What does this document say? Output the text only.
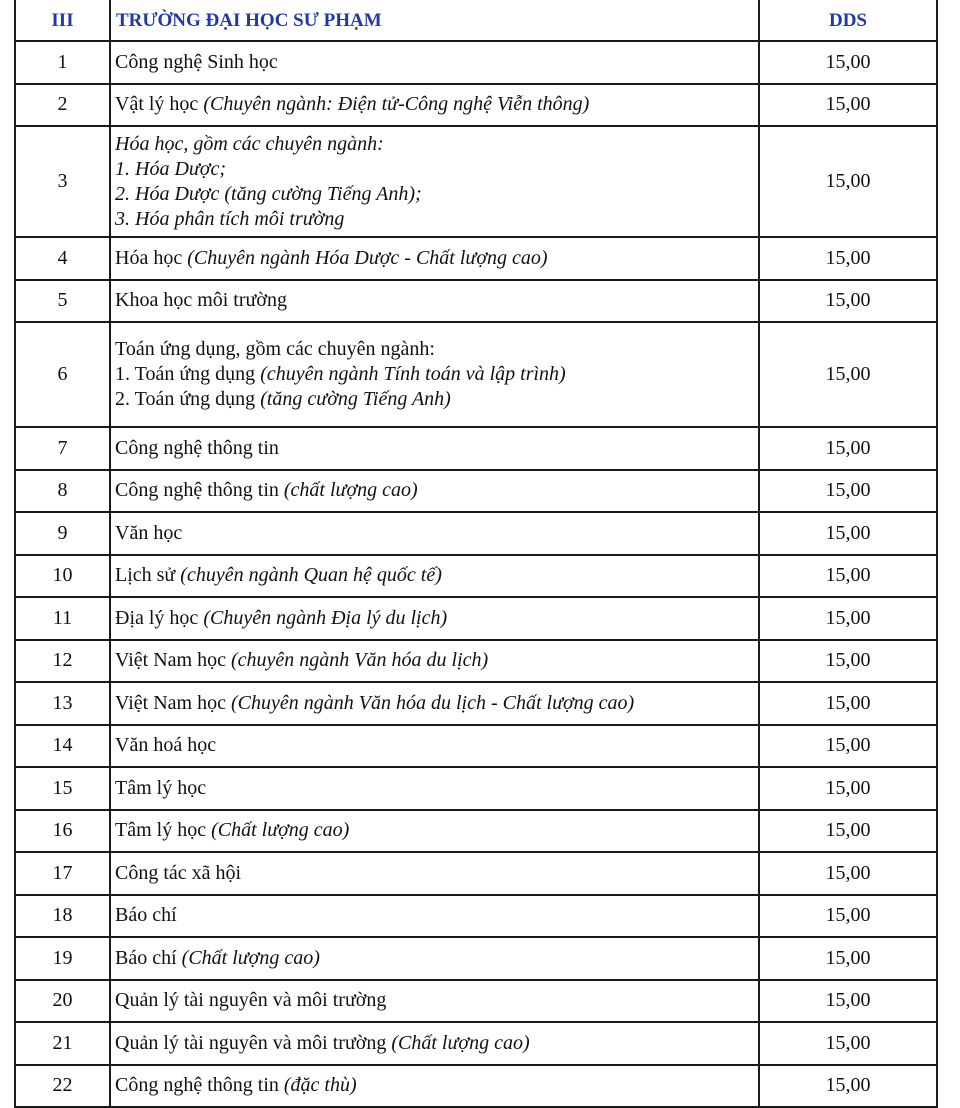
III	TRƯỜNG ĐẠI HỌC SƯ PHẠM	DDS
1	Công nghệ Sinh học	15,00
2	Vật lý học (Chuyên ngành: Điện tử-Công nghệ Viễn thông)	15,00
3	Hóa học, gồm các chuyên ngành:
1. Hóa Dược;
2. Hóa Dược (tăng cường Tiếng Anh);
3. Hóa phân tích môi trường	15,00
4	Hóa học (Chuyên ngành Hóa Dược - Chất lượng cao)	15,00
5	Khoa học môi trường	15,00
6	Toán ứng dụng, gồm các chuyên ngành:
1. Toán ứng dụng (chuyên ngành Tính toán và lập trình)
2. Toán ứng dụng (tăng cường Tiếng Anh)	15,00
7	Công nghệ thông tin	15,00
8	Công nghệ thông tin (chất lượng cao)	15,00
9	Văn học	15,00
10	Lịch sử (chuyên ngành Quan hệ quốc tế)	15,00
11	Địa lý học (Chuyên ngành Địa lý du lịch)	15,00
12	Việt Nam học (chuyên ngành Văn hóa du lịch)	15,00
13	Việt Nam học (Chuyên ngành Văn hóa du lịch - Chất lượng cao)	15,00
14	Văn hoá học	15,00
15	Tâm lý học	15,00
16	Tâm lý học (Chất lượng cao)	15,00
17	Công tác xã hội	15,00
18	Báo chí	15,00
19	Báo chí (Chất lượng cao)	15,00
20	Quản lý tài nguyên và môi trường	15,00
21	Quản lý tài nguyên và môi trường (Chất lượng cao)	15,00
22	Công nghệ thông tin (đặc thù)	15,00
